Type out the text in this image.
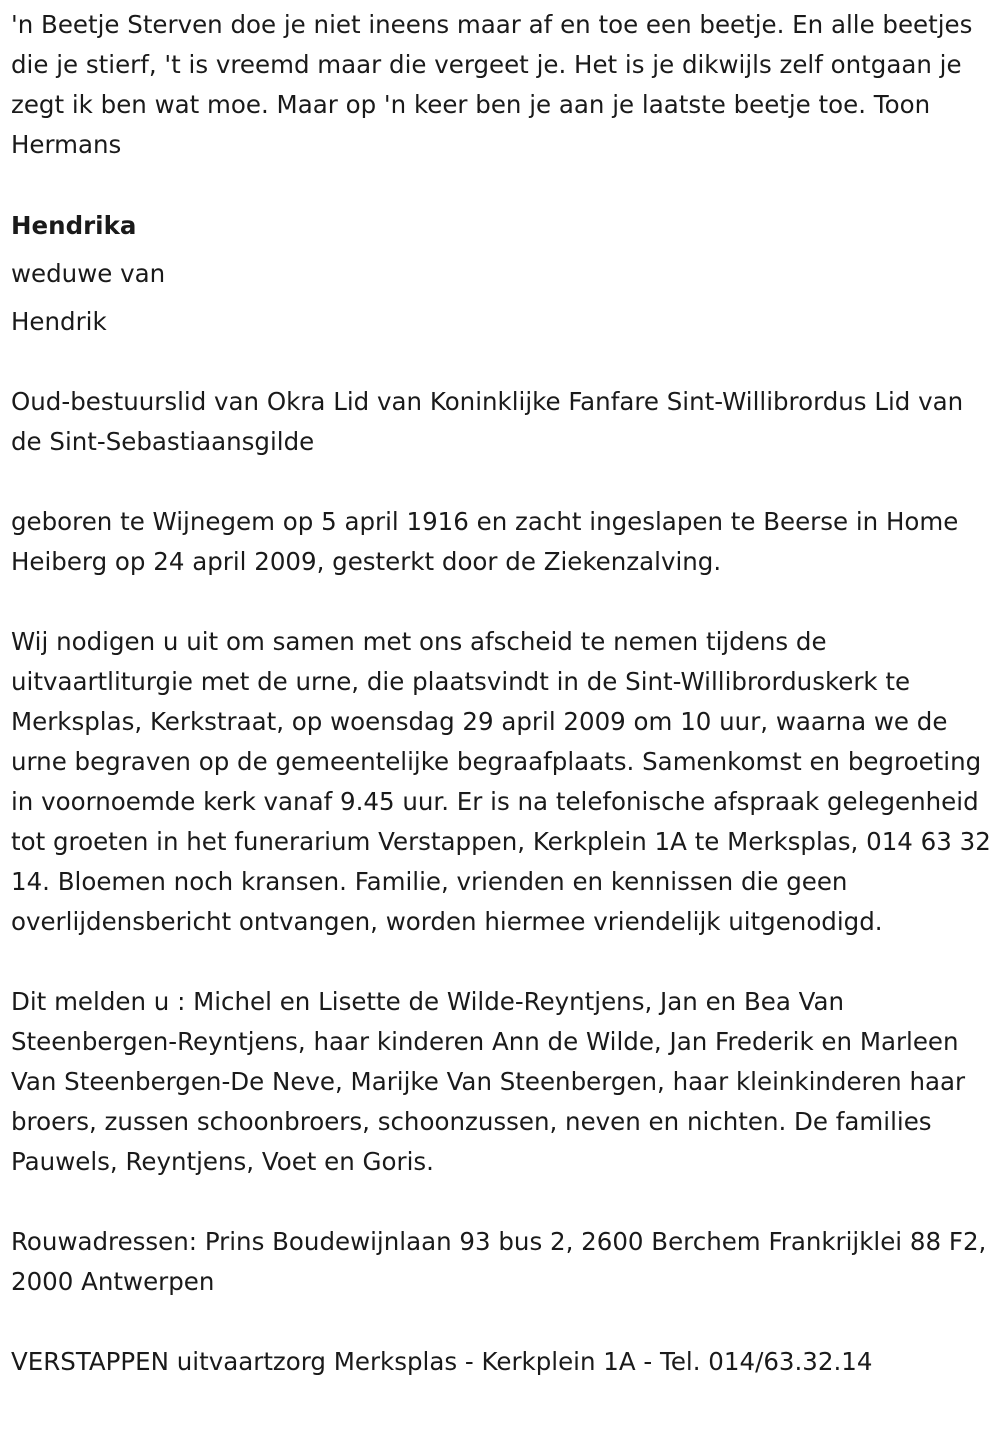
'n Beetje Sterven doe je niet ineens maar af en toe een beetje. En alle beetjes die je stierf, 't is vreemd maar die vergeet je. Het is je dikwijls zelf ontgaan je zegt ik ben wat moe. Maar op 'n keer ben je aan je laatste beetje toe. Toon Hermans

Hendrika

weduwe van

Hendrik

Oud-bestuurslid van Okra Lid van Koninklijke Fanfare Sint-Willibrordus Lid van de Sint-Sebastiaansgilde

geboren te Wijnegem op 5 april 1916 en zacht ingeslapen te Beerse in Home Heiberg op 24 april 2009, gesterkt door de Ziekenzalving.

Wij nodigen u uit om samen met ons afscheid te nemen tijdens de uitvaartliturgie met de urne, die plaatsvindt in de Sint-Willibrorduskerk te Merksplas, Kerkstraat, op woensdag 29 april 2009 om 10 uur, waarna we de urne begraven op de gemeentelijke begraafplaats. Samenkomst en begroeting in voornoemde kerk vanaf 9.45 uur. Er is na telefonische afspraak gelegenheid tot groeten in het funerarium Verstappen, Kerkplein 1A te Merksplas, 014 63 32 14. Bloemen noch kransen. Familie, vrienden en kennissen die geen overlijdensbericht ontvangen, worden hiermee vriendelijk uitgenodigd.

Dit melden u : Michel en Lisette de Wilde-Reyntjens, Jan en Bea Van Steenbergen-Reyntjens, haar kinderen Ann de Wilde, Jan Frederik en Marleen Van Steenbergen-De Neve, Marijke Van Steenbergen, haar kleinkinderen haar broers, zussen schoonbroers, schoonzussen, neven en nichten. De families Pauwels, Reyntjens, Voet en Goris.

Rouwadressen: Prins Boudewijnlaan 93 bus 2, 2600 Berchem Frankrijklei 88 F2, 2000 Antwerpen

VERSTAPPEN uitvaartzorg Merksplas - Kerkplein 1A - Tel. 014/63.32.14
